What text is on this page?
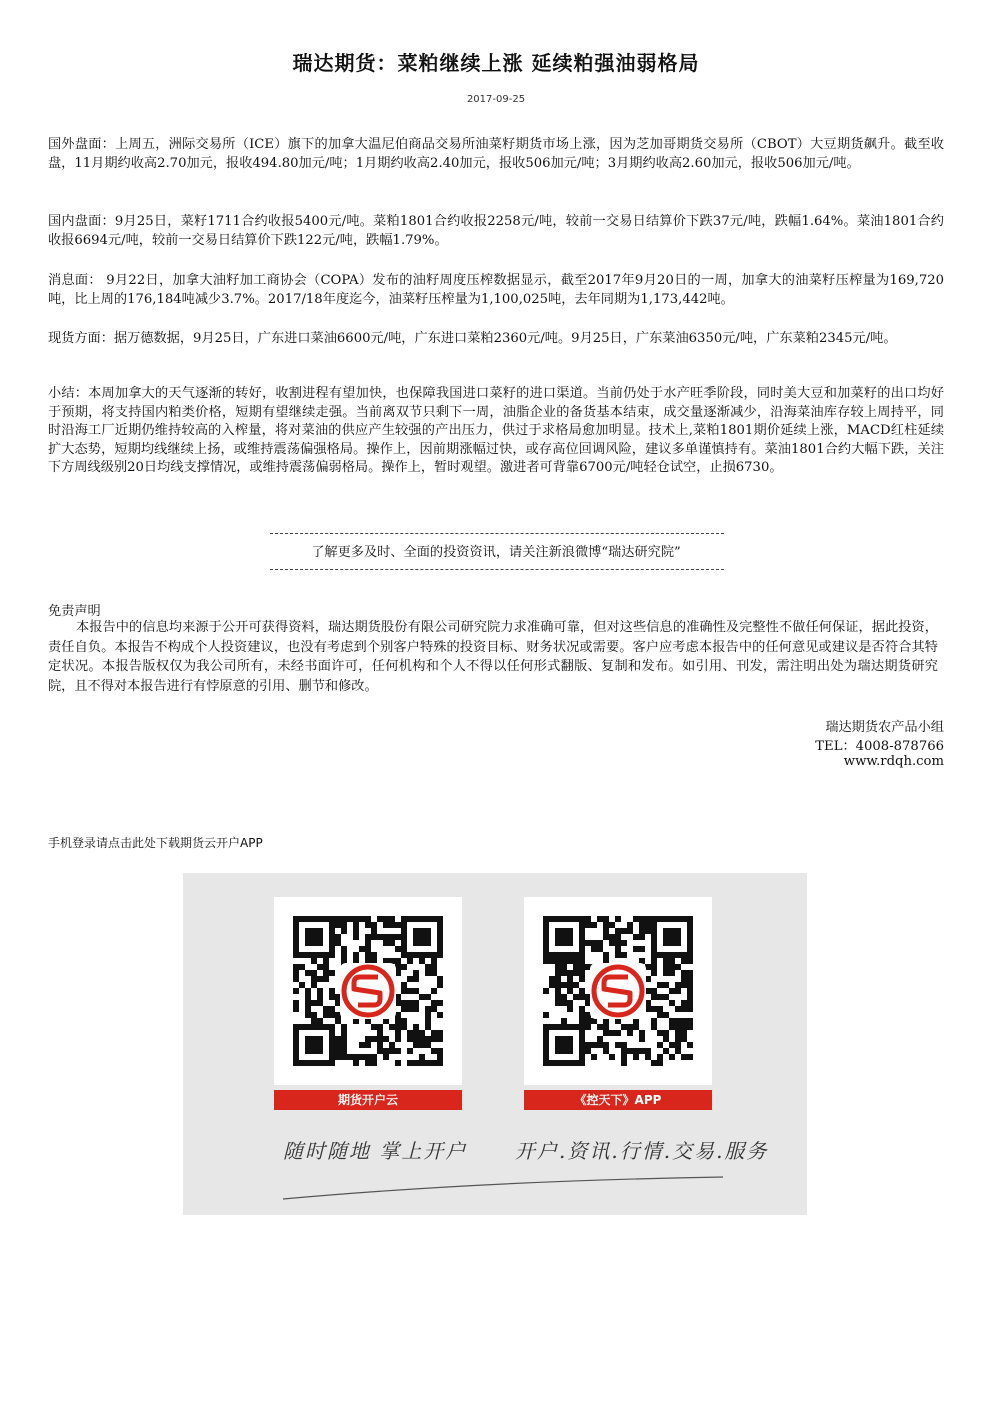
瑞达期货：菜粕继续上涨 延续粕强油弱格局
2017-09-25
国外盘面：上周五，洲际交易所（ICE）旗下的加拿大温尼伯商品交易所油菜籽期货市场上涨，因为芝加哥期货交易所（CBOT）大豆期货飙升。截至收盘，11月期约收高2.70加元，报收494.80加元/吨；1月期约收高2.40加元，报收506加元/吨；3月期约收高2.60加元，报收506加元/吨。
国内盘面：9月25日，菜籽1711合约收报5400元/吨。菜粕1801合约收报2258元/吨，较前一交易日结算价下跌37元/吨，跌幅1.64%。菜油1801合约收报6694元/吨，较前一交易日结算价下跌122元/吨，跌幅1.79%。
消息面： 9月22日，加拿大油籽加工商协会（COPA）发布的油籽周度压榨数据显示，截至2017年9月20日的一周，加拿大的油菜籽压榨量为169,720吨，比上周的176,184吨减少3.7%。2017/18年度迄今，油菜籽压榨量为1,100,025吨，去年同期为1,173,442吨。
现货方面：据万德数据，9月25日，广东进口菜油6600元/吨，广东进口菜粕2360元/吨。9月25日，广东菜油6350元/吨，广东菜粕2345元/吨。
小结：本周加拿大的天气逐渐的转好，收割进程有望加快，也保障我国进口菜籽的进口渠道。当前仍处于水产旺季阶段，同时美大豆和加菜籽的出口均好于预期，将支持国内粕类价格，短期有望继续走强。当前离双节只剩下一周，油脂企业的备货基本结束，成交量逐渐减少，沿海菜油库存较上周持平，同时沿海工厂近期仍维持较高的入榨量，将对菜油的供应产生较强的产出压力，供过于求格局愈加明显。技术上,菜粕1801期价延续上涨，MACD红柱延续扩大态势，短期均线继续上扬，或维持震荡偏强格局。操作上，因前期涨幅过快，或存高位回调风险，建议多单谨慎持有。菜油1801合约大幅下跌，关注下方周线级别20日均线支撑情况，或维持震荡偏弱格局。操作上，暂时观望。激进者可背靠6700元/吨轻仓试空，止损6730。
了解更多及时、全面的投资资讯，请关注新浪微博“瑞达研究院”
免责声明
本报告中的信息均来源于公开可获得资料，瑞达期货股份有限公司研究院力求准确可靠，但对这些信息的准确性及完整性不做任何保证，据此投资，责任自负。本报告不构成个人投资建议，也没有考虑到个别客户特殊的投资目标、财务状况或需要。客户应考虑本报告中的任何意见或建议是否符合其特定状况。本报告版权仅为我公司所有，未经书面许可，任何机构和个人不得以任何形式翻版、复制和发布。如引用、刊发，需注明出处为瑞达期货研究院，且不得对本报告进行有悖原意的引用、删节和修改。
瑞达期货农产品小组
TEL：4008-878766
www.rdqh.com
手机登录请点击此处下载期货云开户APP
期货开户云	《控天下》APP
随时随地 掌上开户 开户.资讯.行情.交易.服务
